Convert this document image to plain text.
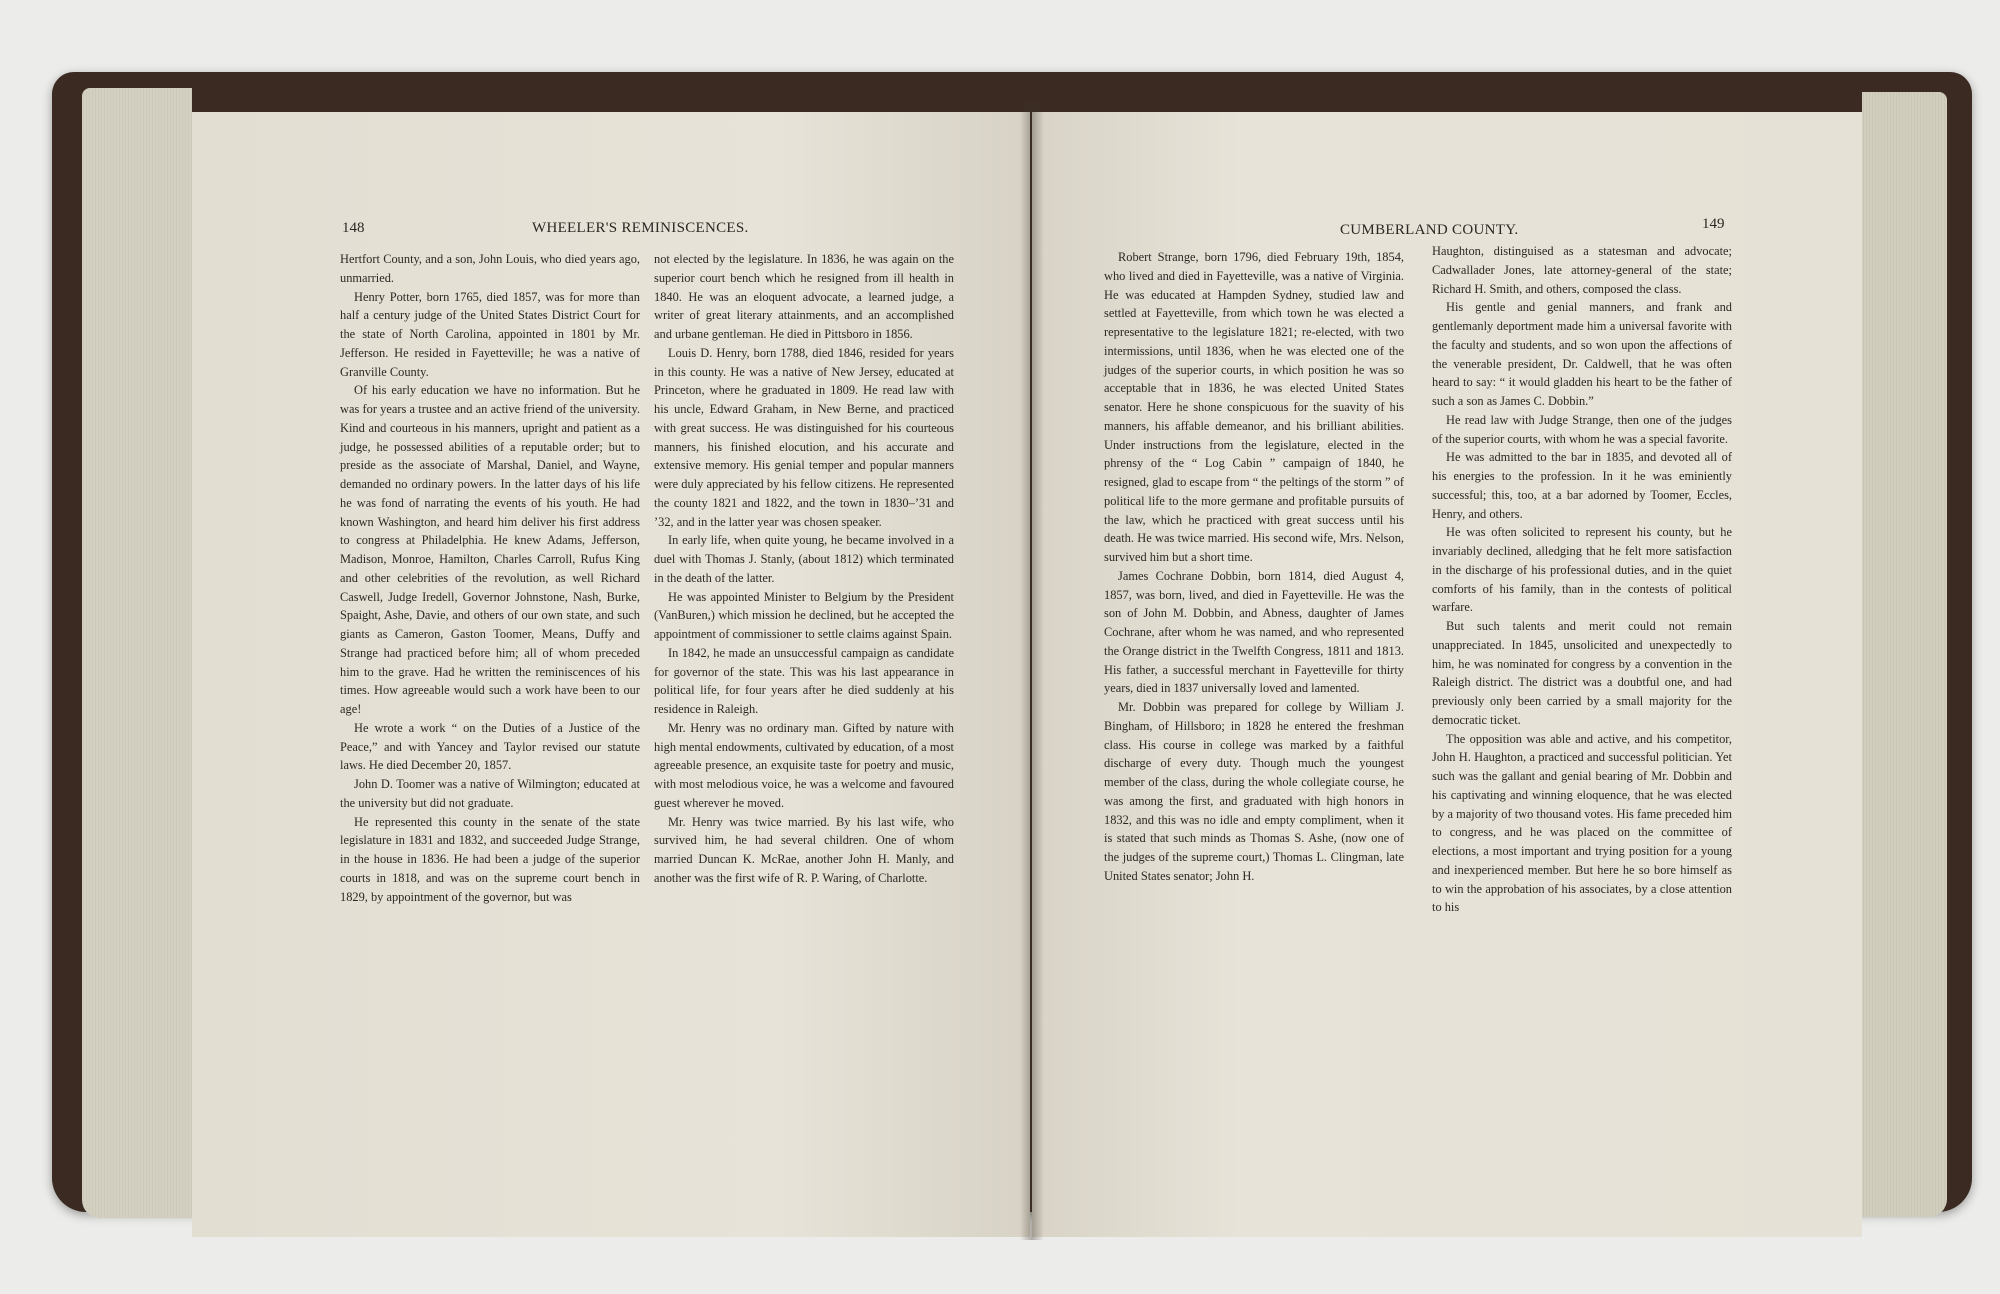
148	WHEELER'S REMINISCENCES.

Hertfort County, and a son, John Louis, who died years ago, unmarried.

Henry Potter, born 1765, died 1857, was for more than half a century judge of the United States District Court for the state of North Carolina, appointed in 1801 by Mr. Jefferson. He resided in Fayetteville; he was a native of Granville County.

Of his early education we have no information. But he was for years a trustee and an active friend of the university. Kind and courteous in his manners, upright and patient as a judge, he possessed abilities of a reputable order; but to preside as the associate of Marshal, Daniel, and Wayne, demanded no ordinary powers. In the latter days of his life he was fond of narrating the events of his youth. He had known Washington, and heard him deliver his first address to congress at Philadelphia. He knew Adams, Jefferson, Madison, Monroe, Hamilton, Charles Carroll, Rufus King and other celebrities of the revolution, as well Richard Caswell, Judge Iredell, Governor Johnstone, Nash, Burke, Spaight, Ashe, Davie, and others of our own state, and such giants as Cameron, Gaston Toomer, Means, Duffy and Strange had practiced before him; all of whom preceded him to the grave. Had he written the reminiscences of his times. How agreeable would such a work have been to our age!

He wrote a work “ on the Duties of a Justice of the Peace,” and with Yancey and Taylor revised our statute laws. He died December 20, 1857.

John D. Toomer was a native of Wilmington; educated at the university but did not graduate.

He represented this county in the senate of the state legislature in 1831 and 1832, and succeeded Judge Strange, in the house in 1836. He had been a judge of the superior courts in 1818, and was on the supreme court bench in 1829, by appointment of the governor, but was

not elected by the legislature. In 1836, he was again on the superior court bench which he resigned from ill health in 1840. He was an eloquent advocate, a learned judge, a writer of great literary attainments, and an accomplished and urbane gentleman. He died in Pittsboro in 1856.

Louis D. Henry, born 1788, died 1846, resided for years in this county. He was a native of New Jersey, educated at Princeton, where he graduated in 1809. He read law with his uncle, Edward Graham, in New Berne, and practiced with great success. He was distinguished for his courteous manners, his finished elocution, and his accurate and extensive memory. His genial temper and popular manners were duly appreciated by his fellow citizens. He represented the county 1821 and 1822, and the town in 1830–’31 and ’32, and in the latter year was chosen speaker.

In early life, when quite young, he became involved in a duel with Thomas J. Stanly, (about 1812) which terminated in the death of the latter.

He was appointed Minister to Belgium by the President (VanBuren,) which mission he declined, but he accepted the appointment of commissioner to settle claims against Spain.

In 1842, he made an unsuccessful campaign as candidate for governor of the state. This was his last appearance in political life, for four years after he died suddenly at his residence in Raleigh.

Mr. Henry was no ordinary man. Gifted by nature with high mental endowments, cultivated by education, of a most agreeable presence, an exquisite taste for poetry and music, with most melodious voice, he was a welcome and favoured guest wherever he moved.

Mr. Henry was twice married. By his last wife, who survived him, he had several children. One of whom married Duncan K. McRae, another John H. Manly, and another was the first wife of R. P. Waring, of Charlotte.

CUMBERLAND COUNTY.	149

Robert Strange, born 1796, died February 19th, 1854, who lived and died in Fayetteville, was a native of Virginia. He was educated at Hampden Sydney, studied law and settled at Fayetteville, from which town he was elected a representative to the legislature 1821; re-elected, with two intermissions, until 1836, when he was elected one of the judges of the superior courts, in which position he was so acceptable that in 1836, he was elected United States senator. Here he shone conspicuous for the suavity of his manners, his affable demeanor, and his brilliant abilities. Under instructions from the legislature, elected in the phrensy of the “ Log Cabin ” campaign of 1840, he resigned, glad to escape from “ the peltings of the storm ” of political life to the more germane and profitable pursuits of the law, which he practiced with great success until his death. He was twice married. His second wife, Mrs. Nelson, survived him but a short time.

James Cochrane Dobbin, born 1814, died August 4, 1857, was born, lived, and died in Fayetteville. He was the son of John M. Dobbin, and Abness, daughter of James Cochrane, after whom he was named, and who represented the Orange district in the Twelfth Congress, 1811 and 1813. His father, a successful merchant in Fayetteville for thirty years, died in 1837 universally loved and lamented.

Mr. Dobbin was prepared for college by William J. Bingham, of Hillsboro; in 1828 he entered the freshman class. His course in college was marked by a faithful discharge of every duty. Though much the youngest member of the class, during the whole collegiate course, he was among the first, and graduated with high honors in 1832, and this was no idle and empty compliment, when it is stated that such minds as Thomas S. Ashe, (now one of the judges of the supreme court,) Thomas L. Clingman, late United States senator; John H.

Haughton, distinguised as a statesman and advocate; Cadwallader Jones, late attorney-general of the state; Richard H. Smith, and others, composed the class.

His gentle and genial manners, and frank and gentlemanly deportment made him a universal favorite with the faculty and students, and so won upon the affections of the venerable president, Dr. Caldwell, that he was often heard to say: “ it would gladden his heart to be the father of such a son as James C. Dobbin.”

He read law with Judge Strange, then one of the judges of the superior courts, with whom he was a special favorite.

He was admitted to the bar in 1835, and devoted all of his energies to the profession. In it he was eminiently successful; this, too, at a bar adorned by Toomer, Eccles, Henry, and others.

He was often solicited to represent his county, but he invariably declined, alledging that he felt more satisfaction in the discharge of his professional duties, and in the quiet comforts of his family, than in the contests of political warfare.

But such talents and merit could not remain unappreciated. In 1845, unsolicited and unexpectedly to him, he was nominated for congress by a convention in the Raleigh district. The district was a doubtful one, and had previously only been carried by a small majority for the democratic ticket.

The opposition was able and active, and his competitor, John H. Haughton, a practiced and successful politician. Yet such was the gallant and genial bearing of Mr. Dobbin and his captivating and winning eloquence, that he was elected by a majority of two thousand votes. His fame preceded him to congress, and he was placed on the committee of elections, a most important and trying position for a young and inexperienced member. But here he so bore himself as to win the approbation of his associates, by a close attention to his
